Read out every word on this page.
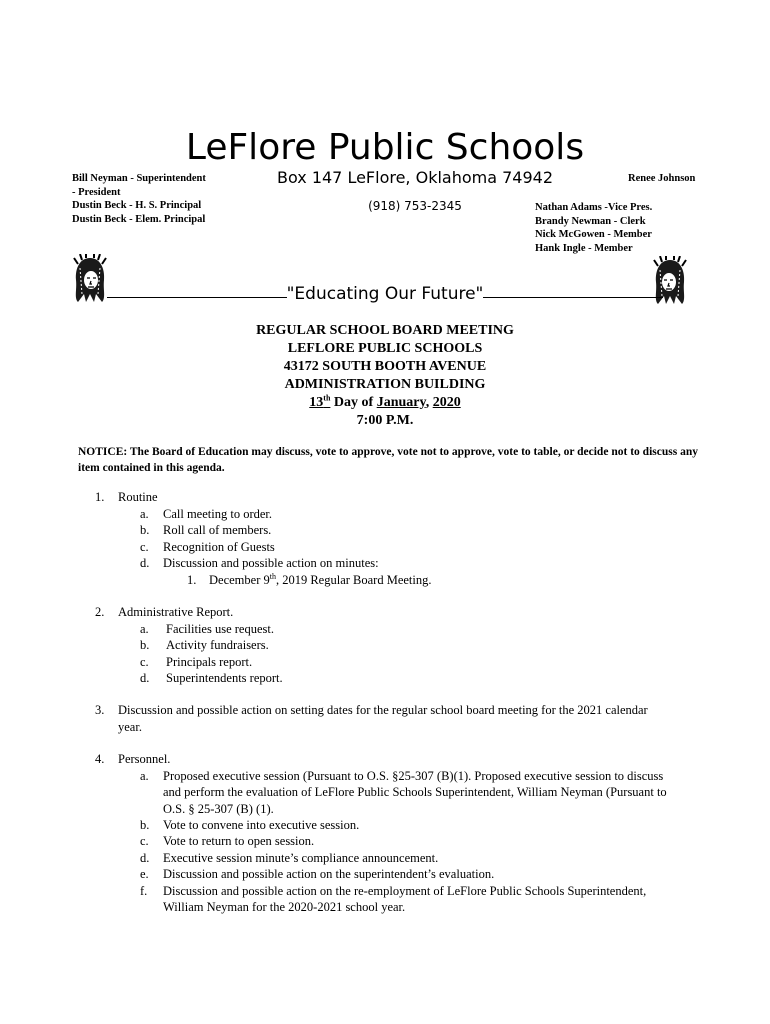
LeFlore Public Schools
Box 147 LeFlore, Oklahoma 74942
(918) 753-2345
Bill Neyman - Superintendent
- President
Dustin Beck - H. S. Principal
Dustin Beck - Elem. Principal
Renee Johnson
Nathan Adams -Vice Pres.
Brandy Newman - Clerk
Nick McGowen - Member
Hank Ingle - Member
"Educating Our Future"
REGULAR SCHOOL BOARD MEETING
LEFLORE PUBLIC SCHOOLS
43172 SOUTH BOOTH AVENUE
ADMINISTRATION BUILDING
13th Day of January, 2020
7:00 P.M.
NOTICE: The Board of Education may discuss, vote to approve, vote not to approve, vote to table, or decide not to discuss any item contained in this agenda.
1. Routine
a. Call meeting to order.
b. Roll call of members.
c. Recognition of Guests
d. Discussion and possible action on minutes:
1. December 9th, 2019 Regular Board Meeting.
2. Administrative Report.
a. Facilities use request.
b. Activity fundraisers.
c. Principals report.
d. Superintendents report.
3. Discussion and possible action on setting dates for the regular school board meeting for the 2021 calendar
year.
4. Personnel.
a. Proposed executive session (Pursuant to O.S. §25-307 (B)(1). Proposed executive session to discuss
and perform the evaluation of LeFlore Public Schools Superintendent, William Neyman (Pursuant to
O.S. § 25-307 (B) (1).
b. Vote to convene into executive session.
c. Vote to return to open session.
d. Executive session minute’s compliance announcement.
e. Discussion and possible action on the superintendent’s evaluation.
f. Discussion and possible action on the re-employment of LeFlore Public Schools Superintendent,
William Neyman for the 2020-2021 school year.
